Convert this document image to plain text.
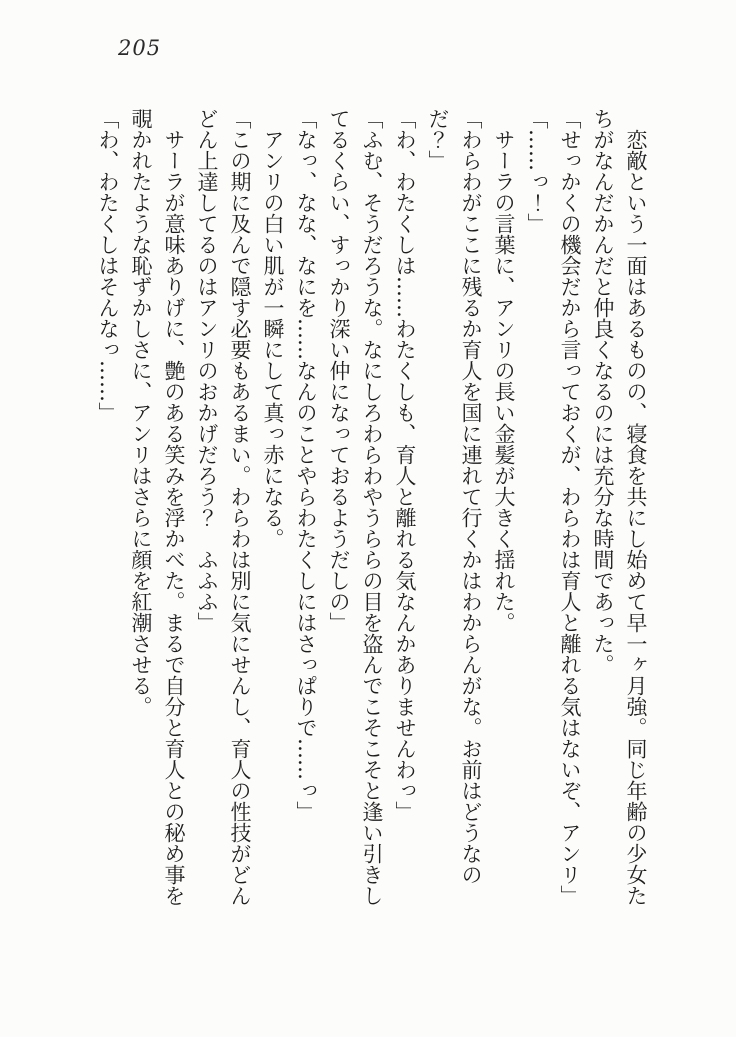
205

　恋敵という一面はあるものの、寝食を共にし始めて早一ヶ月強。同じ年齢の少女た

ちがなんだかんだと仲良くなるのには充分な時間であった。

「せっかくの機会だから言っておくが、わらわは育人と離れる気はないぞ、アンリ」

「……っ！」

　サーラの言葉に、アンリの長い金髪が大きく揺れた。

「わらわがここに残るか育人を国に連れて行くかはわからんがな。お前はどうなの

だ？」

「わ、わたくしは……わたくしも、育人と離れる気なんかありませんわっ」

「ふむ、そうだろうな。なにしろわらわやうららの目を盗んでこそこそと逢い引きし

てるくらい、すっかり深い仲になっておるようだしの」

「なっ、なな、なにを……なんのことやらわたくしにはさっぱりで……っ」

　アンリの白い肌が一瞬にして真っ赤になる。

「この期に及んで隠す必要もあるまい。わらわは別に気にせんし、育人の性技がどん

どん上達してるのはアンリのおかげだろう？　ふふふ」

　サーラが意味ありげに、艶のある笑みを浮かべた。まるで自分と育人との秘め事を

覗かれたような恥ずかしさに、アンリはさらに顔を紅潮させる。

「わ、わたくしはそんなっ……」
